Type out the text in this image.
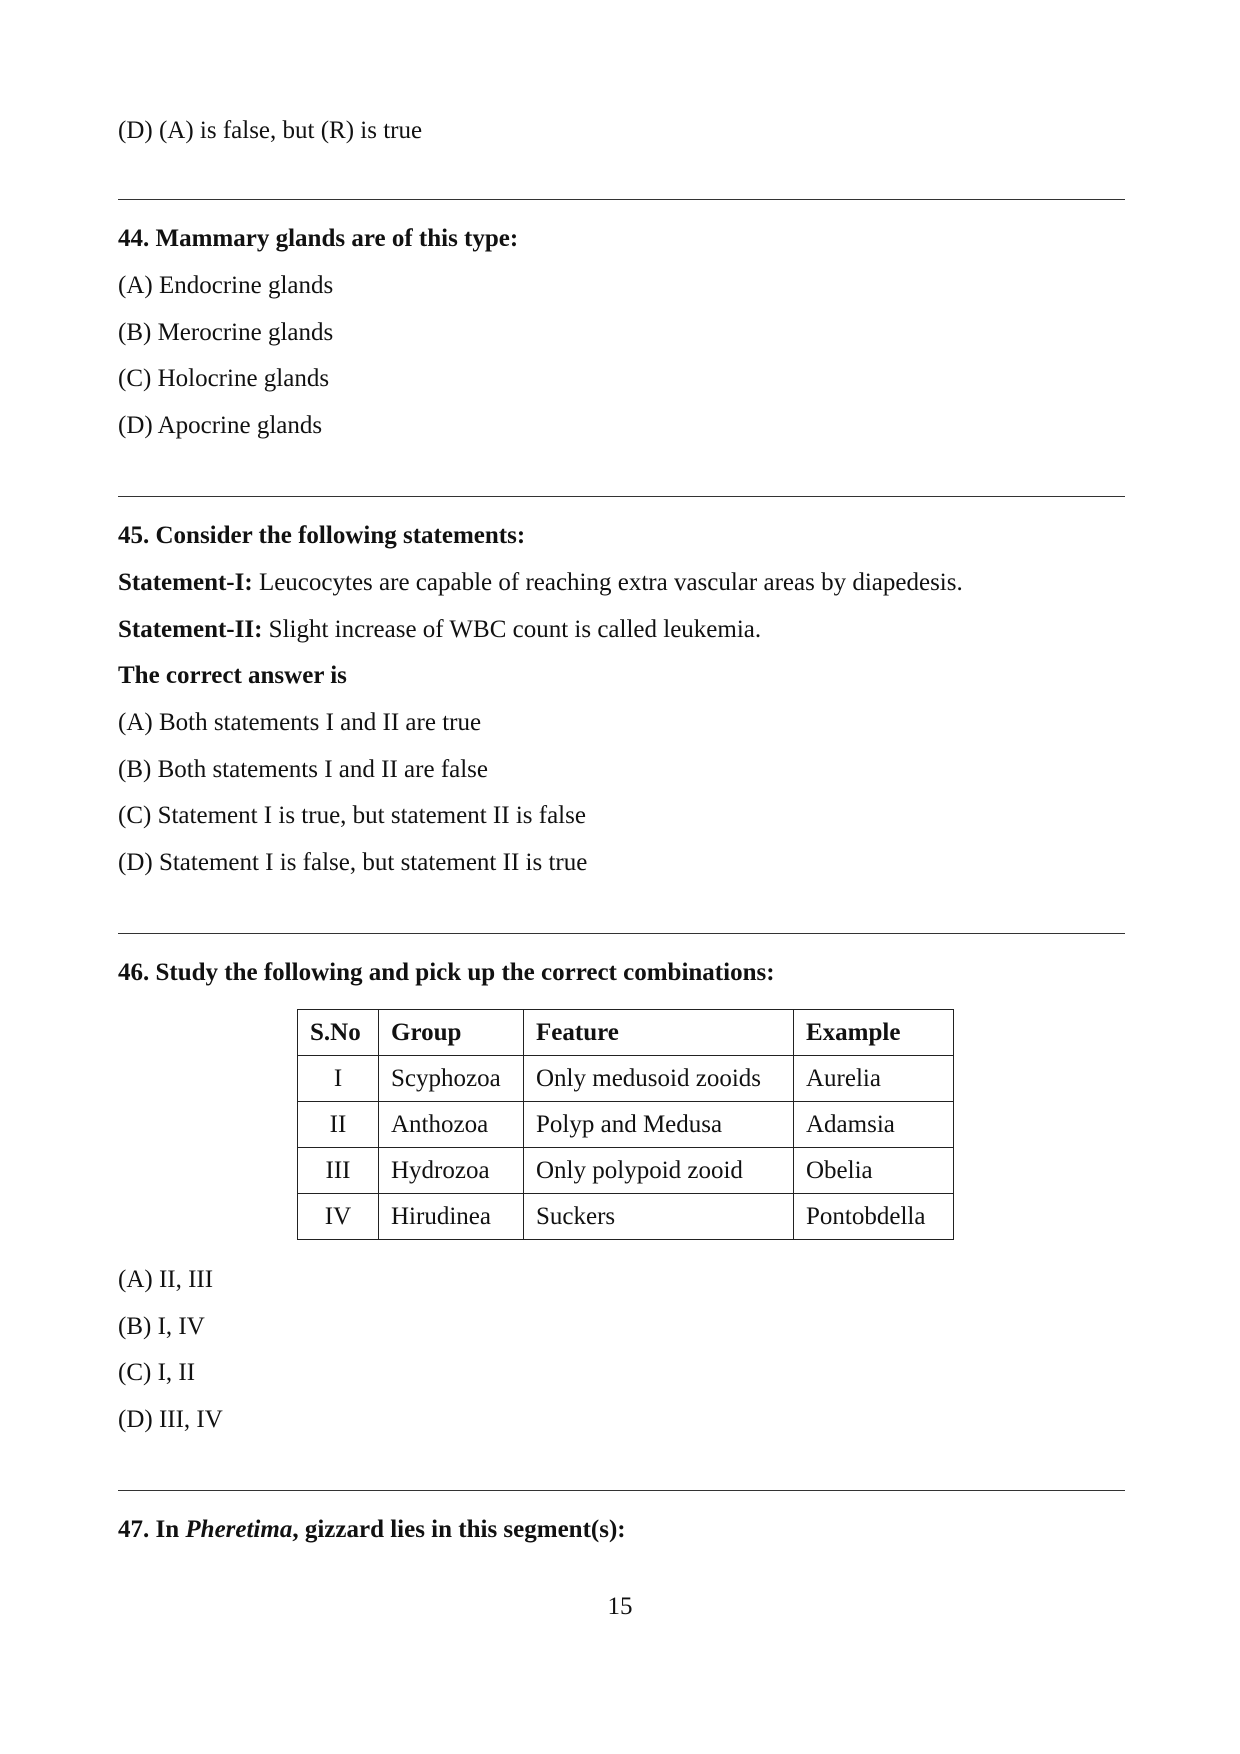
(D) (A) is false, but (R) is true
44. Mammary glands are of this type:
(A) Endocrine glands
(B) Merocrine glands
(C) Holocrine glands
(D) Apocrine glands
45. Consider the following statements:
Statement-I: Leucocytes are capable of reaching extra vascular areas by diapedesis.
Statement-II: Slight increase of WBC count is called leukemia.
The correct answer is
(A) Both statements I and II are true
(B) Both statements I and II are false
(C) Statement I is true, but statement II is false
(D) Statement I is false, but statement II is true
46. Study the following and pick up the correct combinations:
S.No	Group	Feature	Example
I	Scyphozoa	Only medusoid zooids	Aurelia
II	Anthozoa	Polyp and Medusa	Adamsia
III	Hydrozoa	Only polypoid zooid	Obelia
IV	Hirudinea	Suckers	Pontobdella
(A) II, III
(B) I, IV
(C) I, II
(D) III, IV
47. In Pheretima, gizzard lies in this segment(s):
15
